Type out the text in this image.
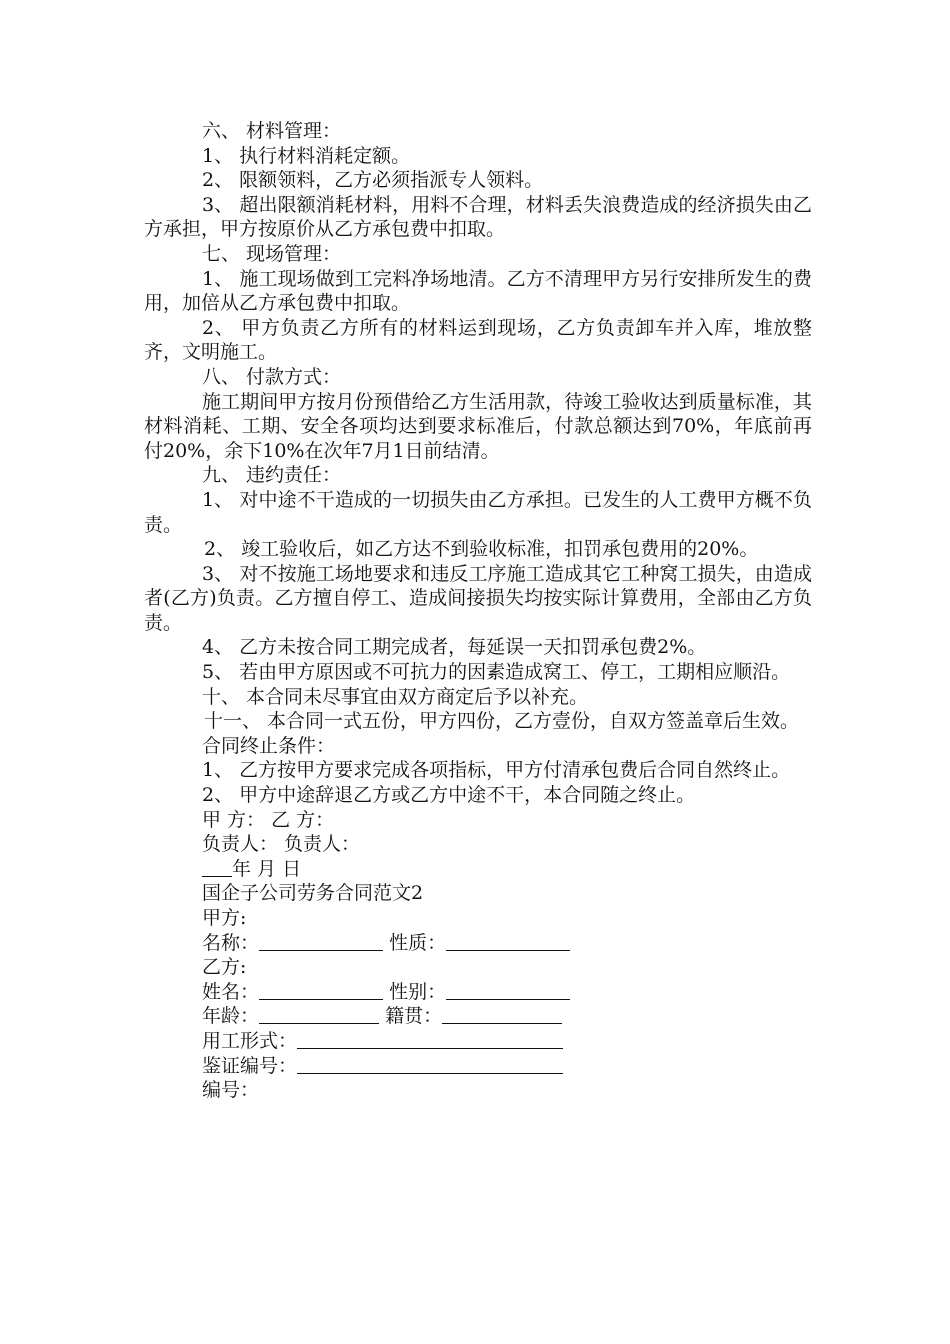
六、 材料管理：

1、 执行材料消耗定额。

2、 限额领料，乙方必须指派专人领料。

3、 超出限额消耗材料，用料不合理，材料丢失浪费造成的经济损失由乙方承担，甲方按原价从乙方承包费中扣取。

七、 现场管理：

1、 施工现场做到工完料净场地清。乙方不清理甲方另行安排所发生的费用，加倍从乙方承包费中扣取。

2、 甲方负责乙方所有的材料运到现场，乙方负责卸车并入库，堆放整齐，文明施工。

八、 付款方式：

施工期间甲方按月份预借给乙方生活用款，待竣工验收达到质量标准，其材料消耗、工期、安全各项均达到要求标准后，付款总额达到70%，年底前再付20%，余下10%在次年7月1日前结清。

九、 违约责任：

1、 对中途不干造成的一切损失由乙方承担。已发生的人工费甲方概不负责。

2、 竣工验收后，如乙方达不到验收标准，扣罚承包费用的20%。

3、 对不按施工场地要求和违反工序施工造成其它工种窝工损失，由造成者(乙方)负责。乙方擅自停工、造成间接损失均按实际计算费用，全部由乙方负责。

4、 乙方未按合同工期完成者，每延误一天扣罚承包费2%。

5、 若由甲方原因或不可抗力的因素造成窝工、停工，工期相应顺沿。

十、 本合同未尽事宜由双方商定后予以补充。

十一、 本合同一式五份，甲方四份，乙方壹份，自双方签盖章后生效。

合同终止条件：

1、 乙方按甲方要求完成各项指标，甲方付清承包费后合同自然终止。

2、 甲方中途辞退乙方或乙方中途不干，本合同随之终止。

甲 方： 乙 方：

负责人： 负责人：

年 月 日

国企子公司劳务合同范文2

甲方:

名称：	性质：

乙方:

姓名：	性别：

年龄：	籍贯：

用工形式：

鉴证编号：

编号：
